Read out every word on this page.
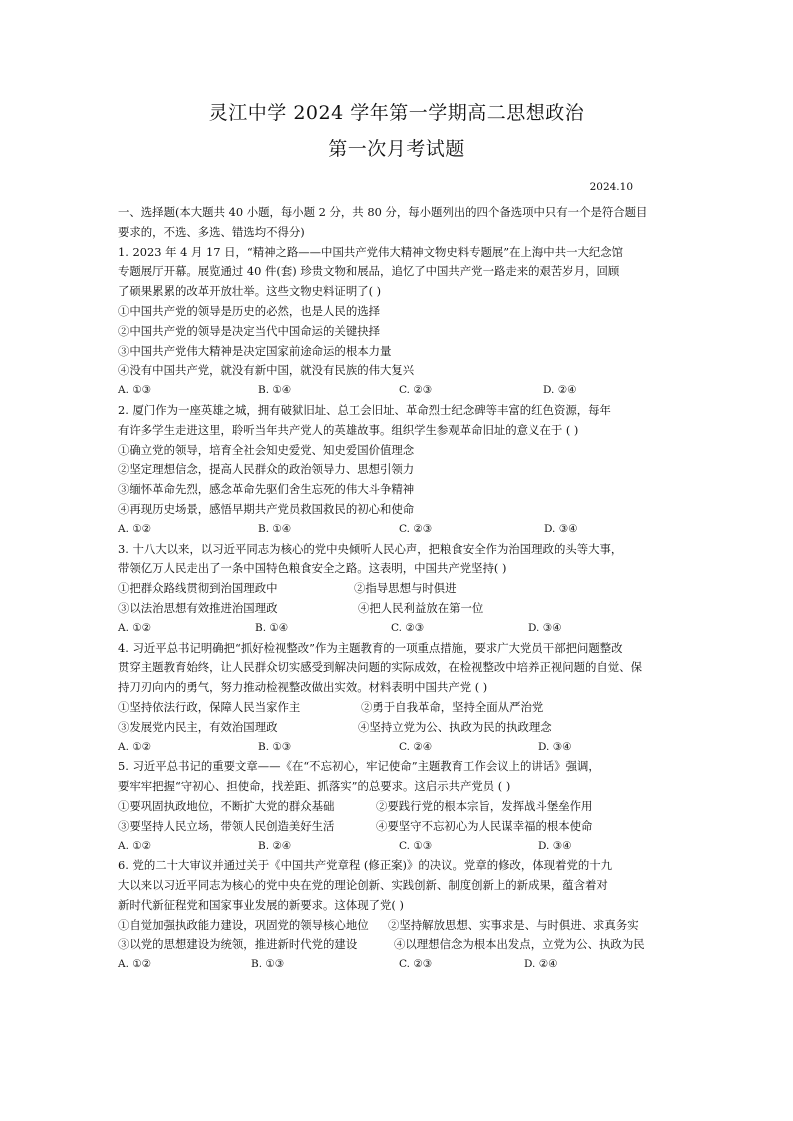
灵江中学 2024 学年第一学期高二思想政治
第一次月考试题
2024.10
一、选择题(本大题共 40 小题，每小题 2 分，共 80 分，每小题列出的四个备选项中只有一个是符合题目
要求的，不选、多选、错选均不得分)
1. 2023 年 4 月 17 日，“精神之路——中国共产党伟大精神文物史料专题展”在上海中共一大纪念馆
专题展厅开幕。展览通过 40 件(套) 珍贵文物和展品，追忆了中国共产党一路走来的艰苦岁月，回顾
了硕果累累的改革开放壮举。这些文物史料证明了( )
①中国共产党的领导是历史的必然，也是人民的选择
②中国共产党的领导是决定当代中国命运的关键抉择
③中国共产党伟大精神是决定国家前途命运的根本力量
④没有中国共产党，就没有新中国，就没有民族的伟大复兴
A. ①③	B. ①④	C. ②③	D. ②④
2. 厦门作为一座英雄之城，拥有破狱旧址、总工会旧址、革命烈士纪念碑等丰富的红色资源，每年
有许多学生走进这里，聆听当年共产党人的英雄故事。组织学生参观革命旧址的意义在于 ( )
①确立党的领导，培育全社会知史爱党、知史爱国价值理念
②坚定理想信念，提高人民群众的政治领导力、思想引领力
③缅怀革命先烈，感念革命先驱们舍生忘死的伟大斗争精神
④再现历史场景，感悟早期共产党员救国救民的初心和使命
A. ①②	B. ①④	C. ②③	D. ③④
3. 十八大以来，以习近平同志为核心的党中央倾听人民心声，把粮食安全作为治国理政的头等大事，
带领亿万人民走出了一条中国特色粮食安全之路。这表明，中国共产党坚持( )
①把群众路线贯彻到治国理政中	②指导思想与时俱进
③以法治思想有效推进治国理政	④把人民利益放在第一位
A. ①②	B. ①④	C. ②③	D. ③④
4. 习近平总书记明确把“抓好检视整改”作为主题教育的一项重点措施，要求广大党员干部把问题整改
贯穿主题教育始终，让人民群众切实感受到解决问题的实际成效，在检视整改中培养正视问题的自觉、保
持刀刃向内的勇气，努力推动检视整改做出实效。材料表明中国共产党 ( )
①坚持依法行政，保障人民当家作主	②勇于自我革命，坚持全面从严治党
③发展党内民主，有效治国理政	④坚持立党为公、执政为民的执政理念
A. ①②	B. ①③	C. ②④	D. ③④
5. 习近平总书记的重要文章——《在“不忘初心，牢记使命”主题教育工作会议上的讲话》强调，
要牢牢把握“守初心、担使命，找差距、抓落实”的总要求。这启示共产党员 ( )
①要巩固执政地位，不断扩大党的群众基础	②要践行党的根本宗旨，发挥战斗堡垒作用
③要坚持人民立场，带领人民创造美好生活	④要坚守不忘初心为人民谋幸福的根本使命
A. ①②	B. ②④	C. ①③	D. ③④
6. 党的二十大审议并通过关于《中国共产党章程 (修正案)》的决议。党章的修改，体现着党的十九
大以来以习近平同志为核心的党中央在党的理论创新、实践创新、制度创新上的新成果，蕴含着对
新时代新征程党和国家事业发展的新要求。这体现了党( )
①自觉加强执政能力建设，巩固党的领导核心地位	②坚持解放思想、实事求是、与时俱进、求真务实
③以党的思想建设为统领，推进新时代党的建设	④以理想信念为根本出发点，立党为公、执政为民
A. ①②	B. ①③	C. ②③	D. ②④
